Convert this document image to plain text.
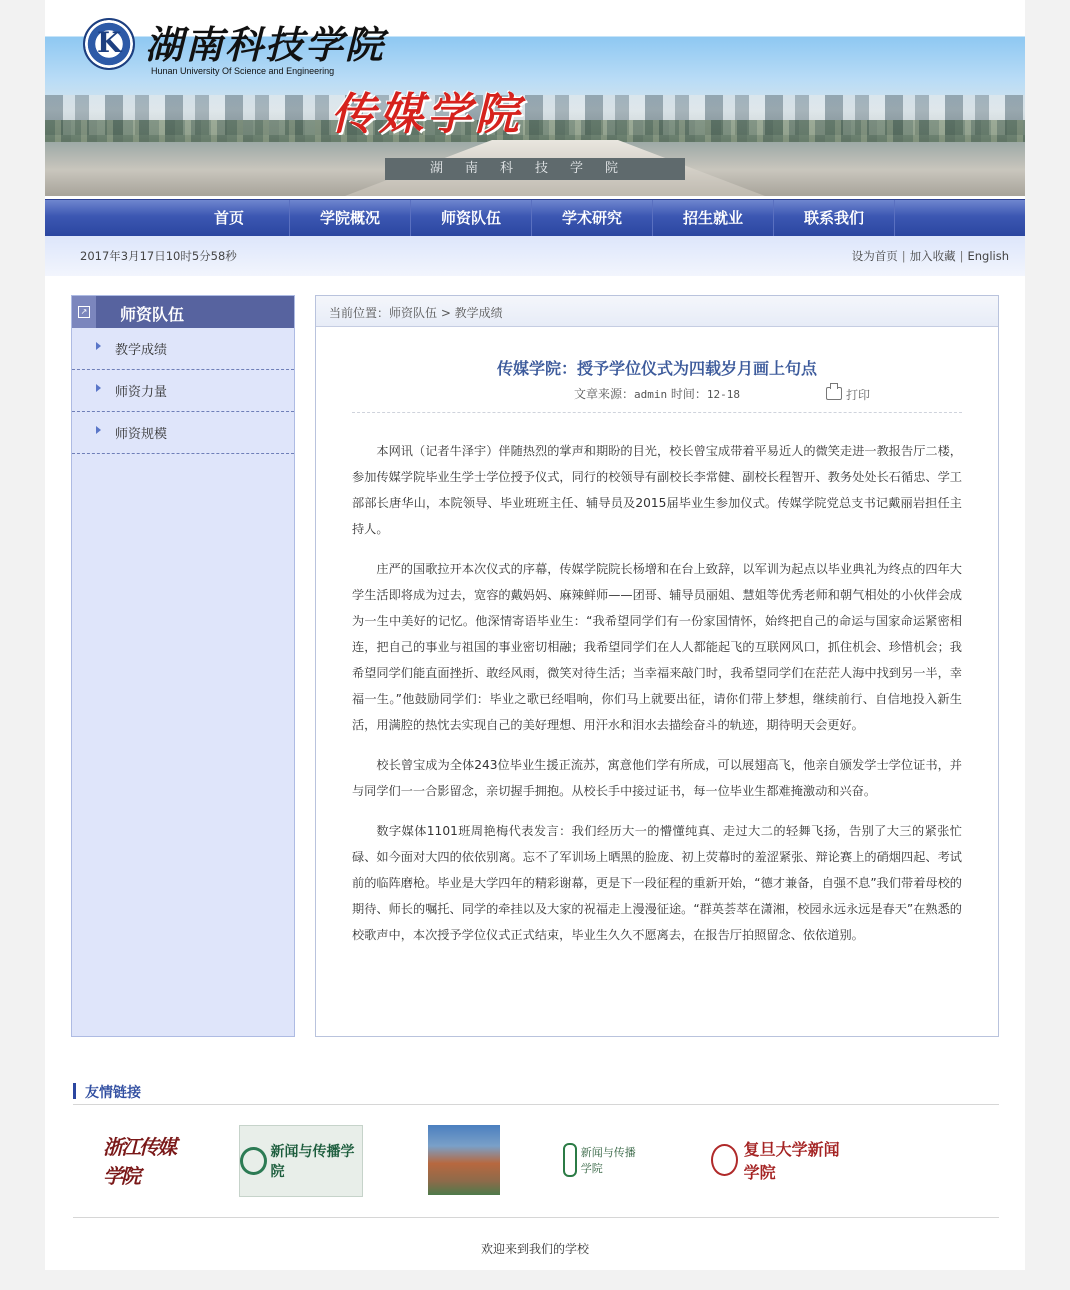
湖南科技学院
K 湖南科技学院
Hunan University Of Science and Engineering
传媒学院
首页	学院概况	师资队伍	学术研究	招生就业	联系我们
2017年3月17日10时5分58秒	设为首页 | 加入收藏 | English
↗ 师资队伍
教学成绩
师资力量
师资规模
当前位置：师资队伍 > 教学成绩
传媒学院：授予学位仪式为四载岁月画上句点
文章来源：admin 时间：12-18	打印

本网讯（记者牛泽宇）伴随热烈的掌声和期盼的目光，校长曾宝成带着平易近人的微笑走进一教报告厅二楼，参加传媒学院毕业生学士学位授予仪式，同行的校领导有副校长李常健、副校长程智开、教务处处长石循忠、学工部部长唐华山，本院领导、毕业班班主任、辅导员及2015届毕业生参加仪式。传媒学院党总支书记戴丽岩担任主持人。

庄严的国歌拉开本次仪式的序幕，传媒学院院长杨增和在台上致辞，以军训为起点以毕业典礼为终点的四年大学生活即将成为过去，宽容的戴妈妈、麻辣鲜师——团哥、辅导员丽姐、慧姐等优秀老师和朝气相处的小伙伴会成为一生中美好的记忆。他深情寄语毕业生：“我希望同学们有一份家国情怀，始终把自己的命运与国家命运紧密相连，把自己的事业与祖国的事业密切相融；我希望同学们在人人都能起飞的互联网风口，抓住机会、珍惜机会；我希望同学们能直面挫折、敢经风雨，微笑对待生活；当幸福来敲门时，我希望同学们在茫茫人海中找到另一半，幸福一生。”他鼓励同学们：毕业之歌已经唱响，你们马上就要出征，请你们带上梦想，继续前行、自信地投入新生活，用满腔的热忱去实现自己的美好理想、用汗水和泪水去描绘奋斗的轨迹，期待明天会更好。

校长曾宝成为全体243位毕业生援正流苏，寓意他们学有所成，可以展翅高飞，他亲自颁发学士学位证书，并与同学们一一合影留念，亲切握手拥抱。从校长手中接过证书，每一位毕业生都难掩激动和兴奋。

数字媒体1101班周艳梅代表发言：我们经历大一的懵懂纯真、走过大二的轻舞飞扬，告别了大三的紧张忙碌、如今面对大四的依依别离。忘不了军训场上晒黑的脸庞、初上荧幕时的羞涩紧张、辩论赛上的硝烟四起、考试前的临阵磨枪。毕业是大学四年的精彩谢幕，更是下一段征程的重新开始，“德才兼备，自强不息”我们带着母校的期待、师长的嘱托、同学的牵挂以及大家的祝福走上漫漫征途。“群英荟萃在潇湘，校园永远永远是春天”在熟悉的校歌声中，本次授予学位仪式正式结束，毕业生久久不愿离去，在报告厅拍照留念、依依道别。

友情链接
浙江传媒学院
新闻与传播学院
新闻与传播学院
复旦大学新闻学院
欢迎来到我们的学校
